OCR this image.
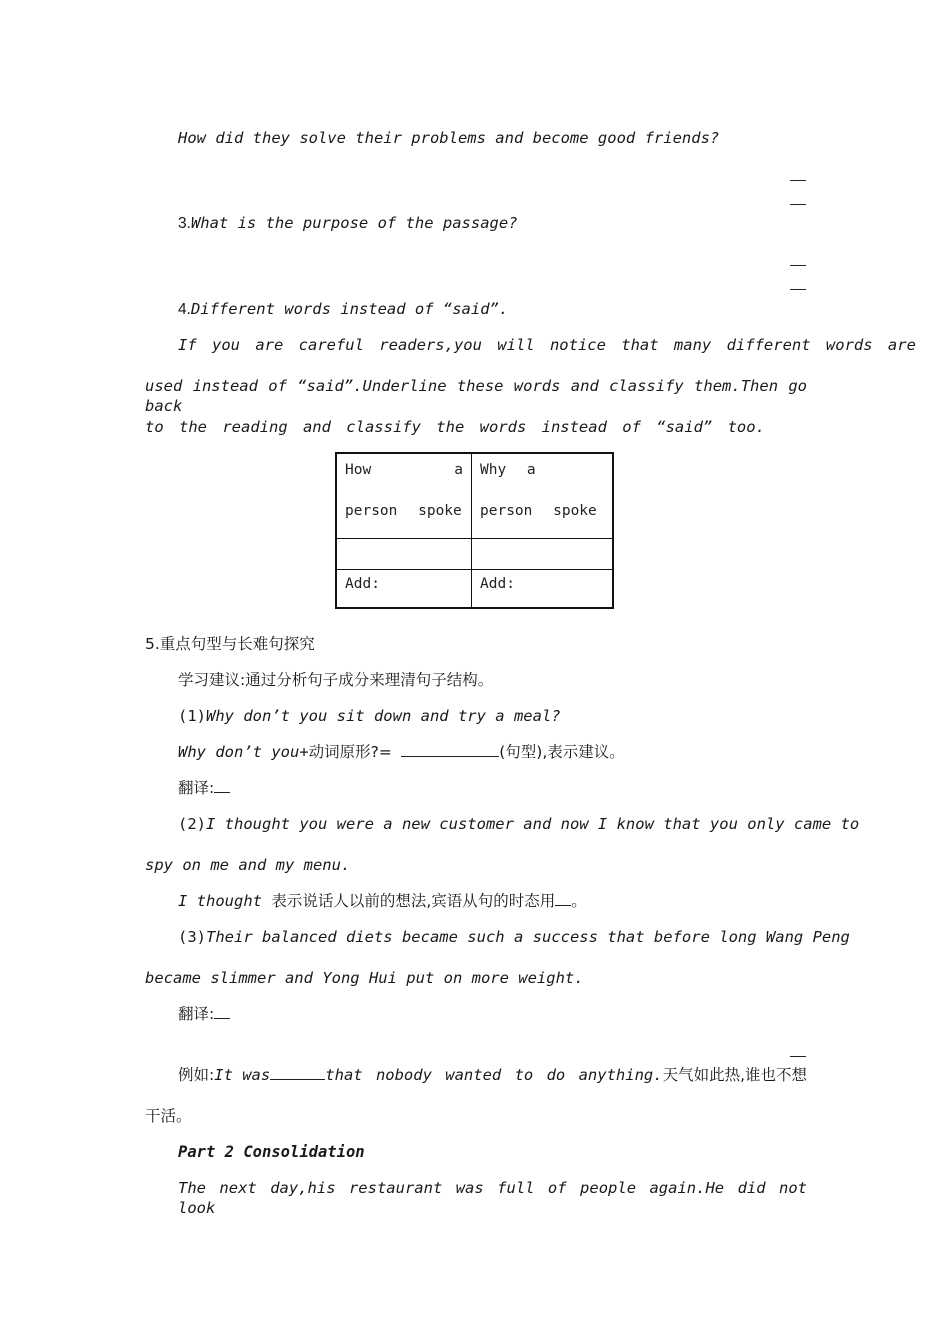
How did they solve their problems and become good friends?
3.What is the purpose of the passage?
4.Different words instead of “said”.
If you are careful readers,you will notice that many differe nt words are
used instead of “said”.Underline these words and classify them.Then go back
to the reading and classify the words instead of “said” too.
How a person spoke	Why a person spoke

Add:	Add:
5.重点句型与长难句探究
学习建议:通过分析句子成分来理清句子结构。
(1)Why don’t you sit down and try a meal?
Why don’t you+动词原形?=	(句型),表示建议。
翻译:
(2) I thought you were a new customer and now I know that you only came to
spy on me and my menu.
I thought 表示说话人以前的想法,宾语从句的时态用 。
(3) Their balanced diets became such a success that before long Wang Peng
became slimmer and Yong Hui put on more weight.
翻译:
例如: It was	that nobody wanted to do anything. 天气如此热,谁也不想
干活。
Part 2 Consolidation
The next day,his restaurant was full of people again.He did not look
